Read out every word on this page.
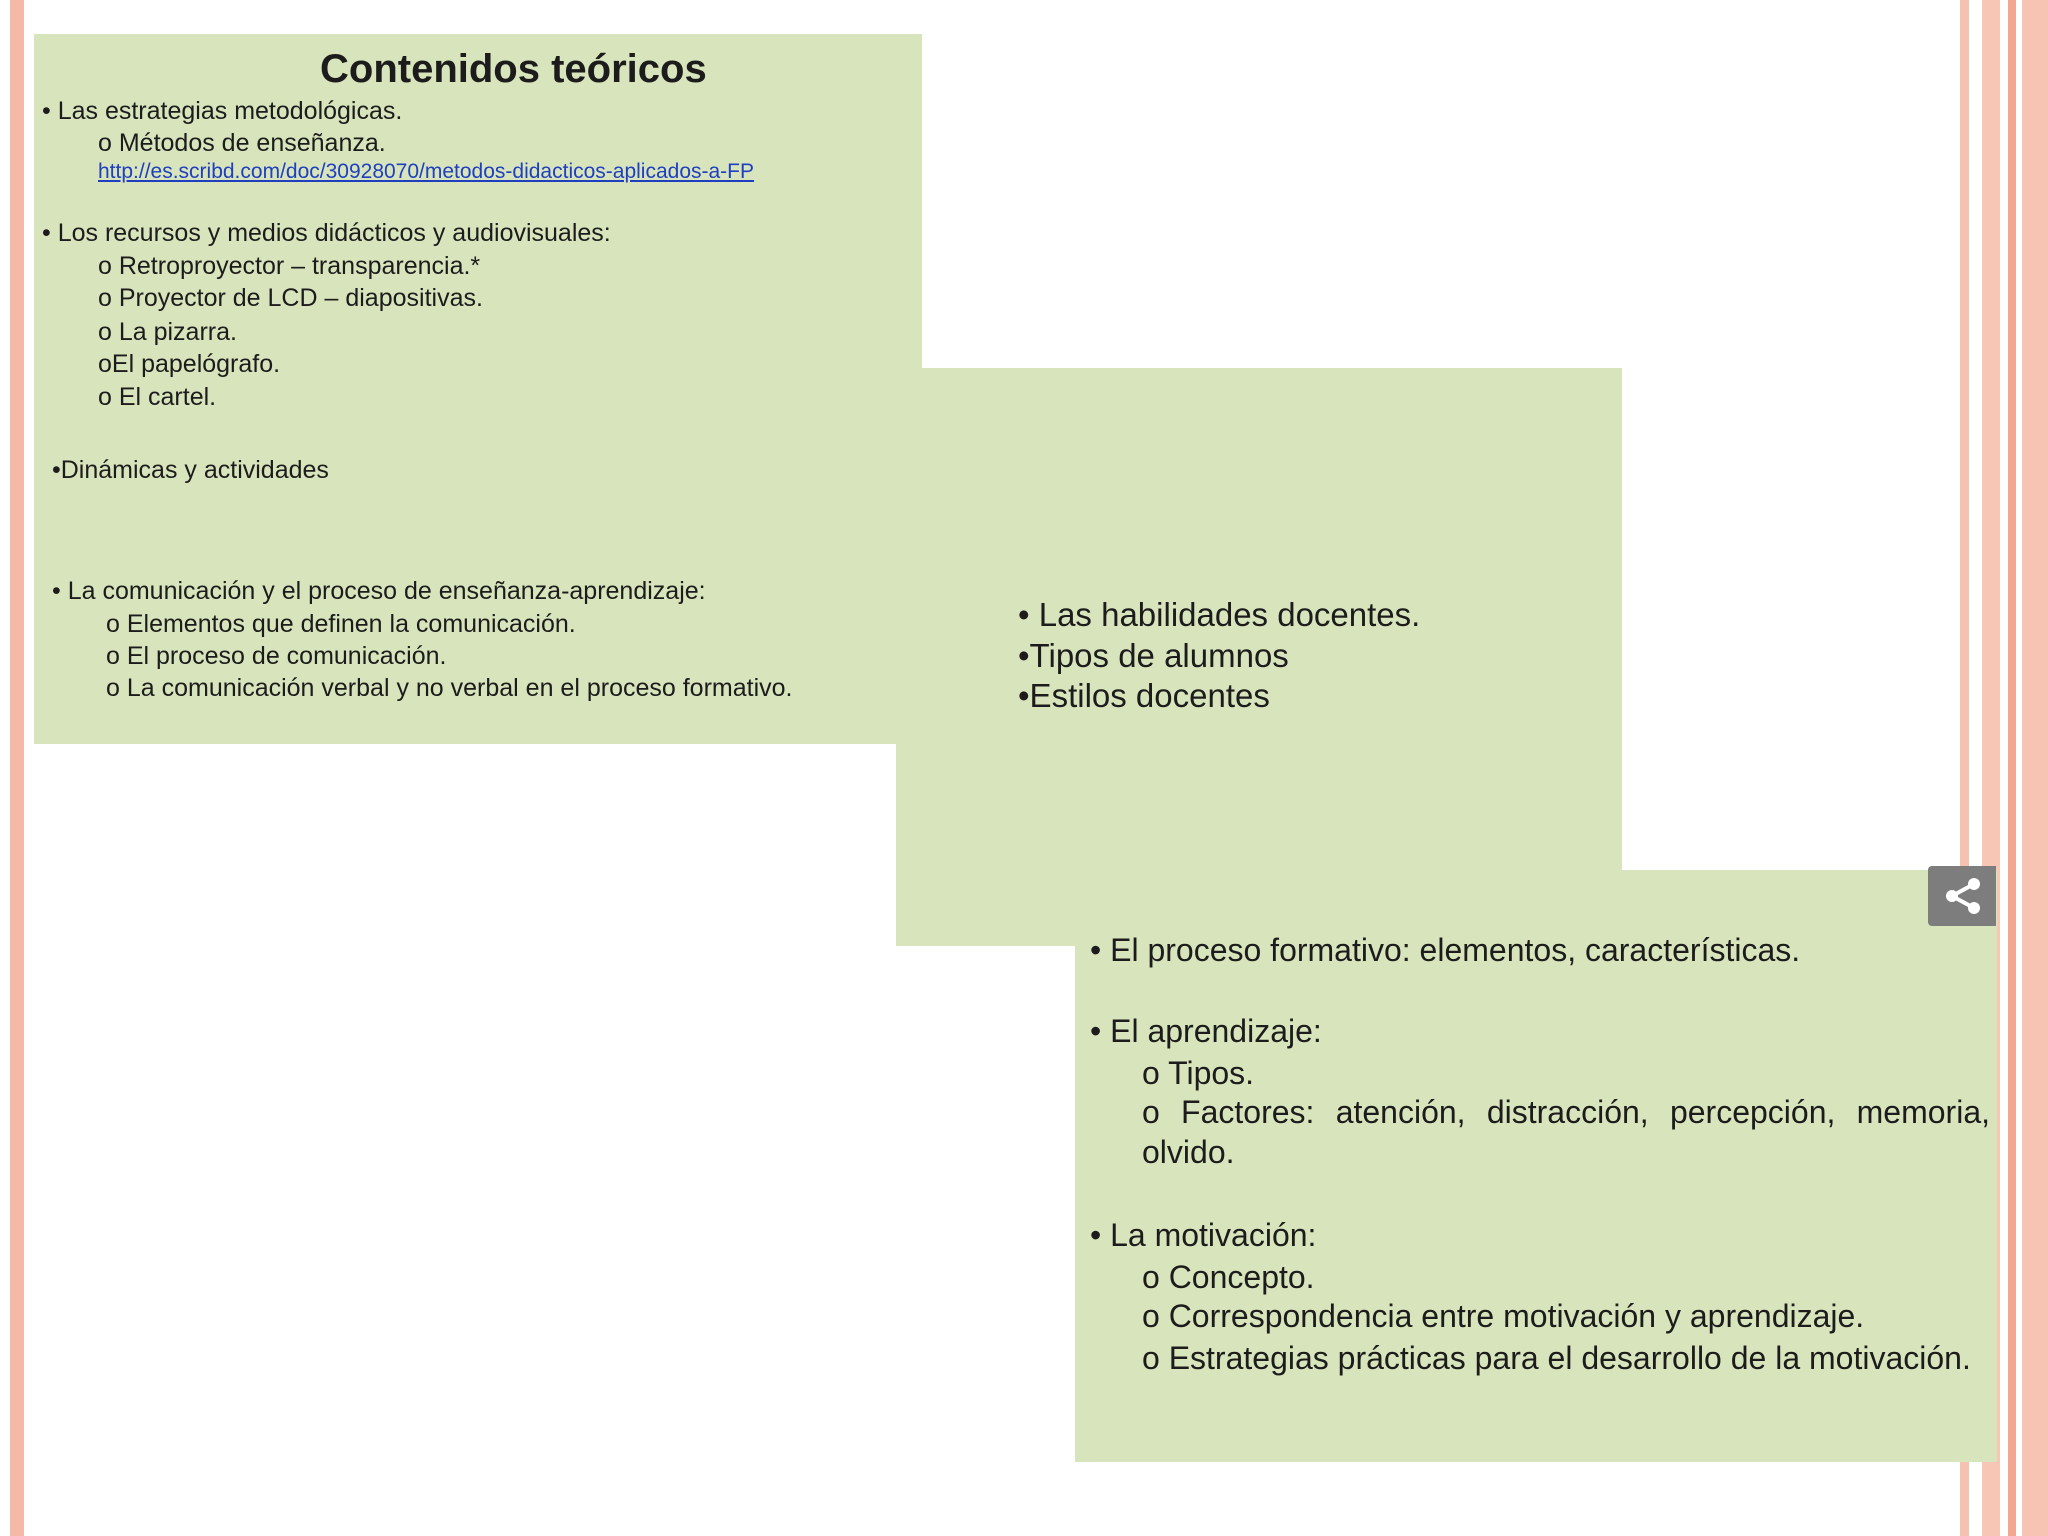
Contenidos teóricos

• Las estrategias metodológicas.

o Métodos de enseñanza.

http://es.scribd.com/doc/30928070/metodos-didacticos-aplicados-a-FP

• Los recursos y medios didácticos y audiovisuales:

o Retroproyector – transparencia.*

o Proyector de LCD – diapositivas.

o La pizarra.

oEl papelógrafo.

o El cartel.

•Dinámicas y actividades

• La comunicación y el proceso de enseñanza-aprendizaje:

o Elementos que definen la comunicación.

o El proceso de comunicación.

o La comunicación verbal y no verbal en el proceso formativo.

• Las habilidades docentes.

•Tipos de alumnos

•Estilos docentes

• El proceso formativo: elementos, características.

• El aprendizaje:

o Tipos.

o Factores: atención, distracción, percepción, memoria, olvido.

• La motivación:

o Concepto.

o Correspondencia entre motivación y aprendizaje.

o Estrategias prácticas para el desarrollo de la motivación.
